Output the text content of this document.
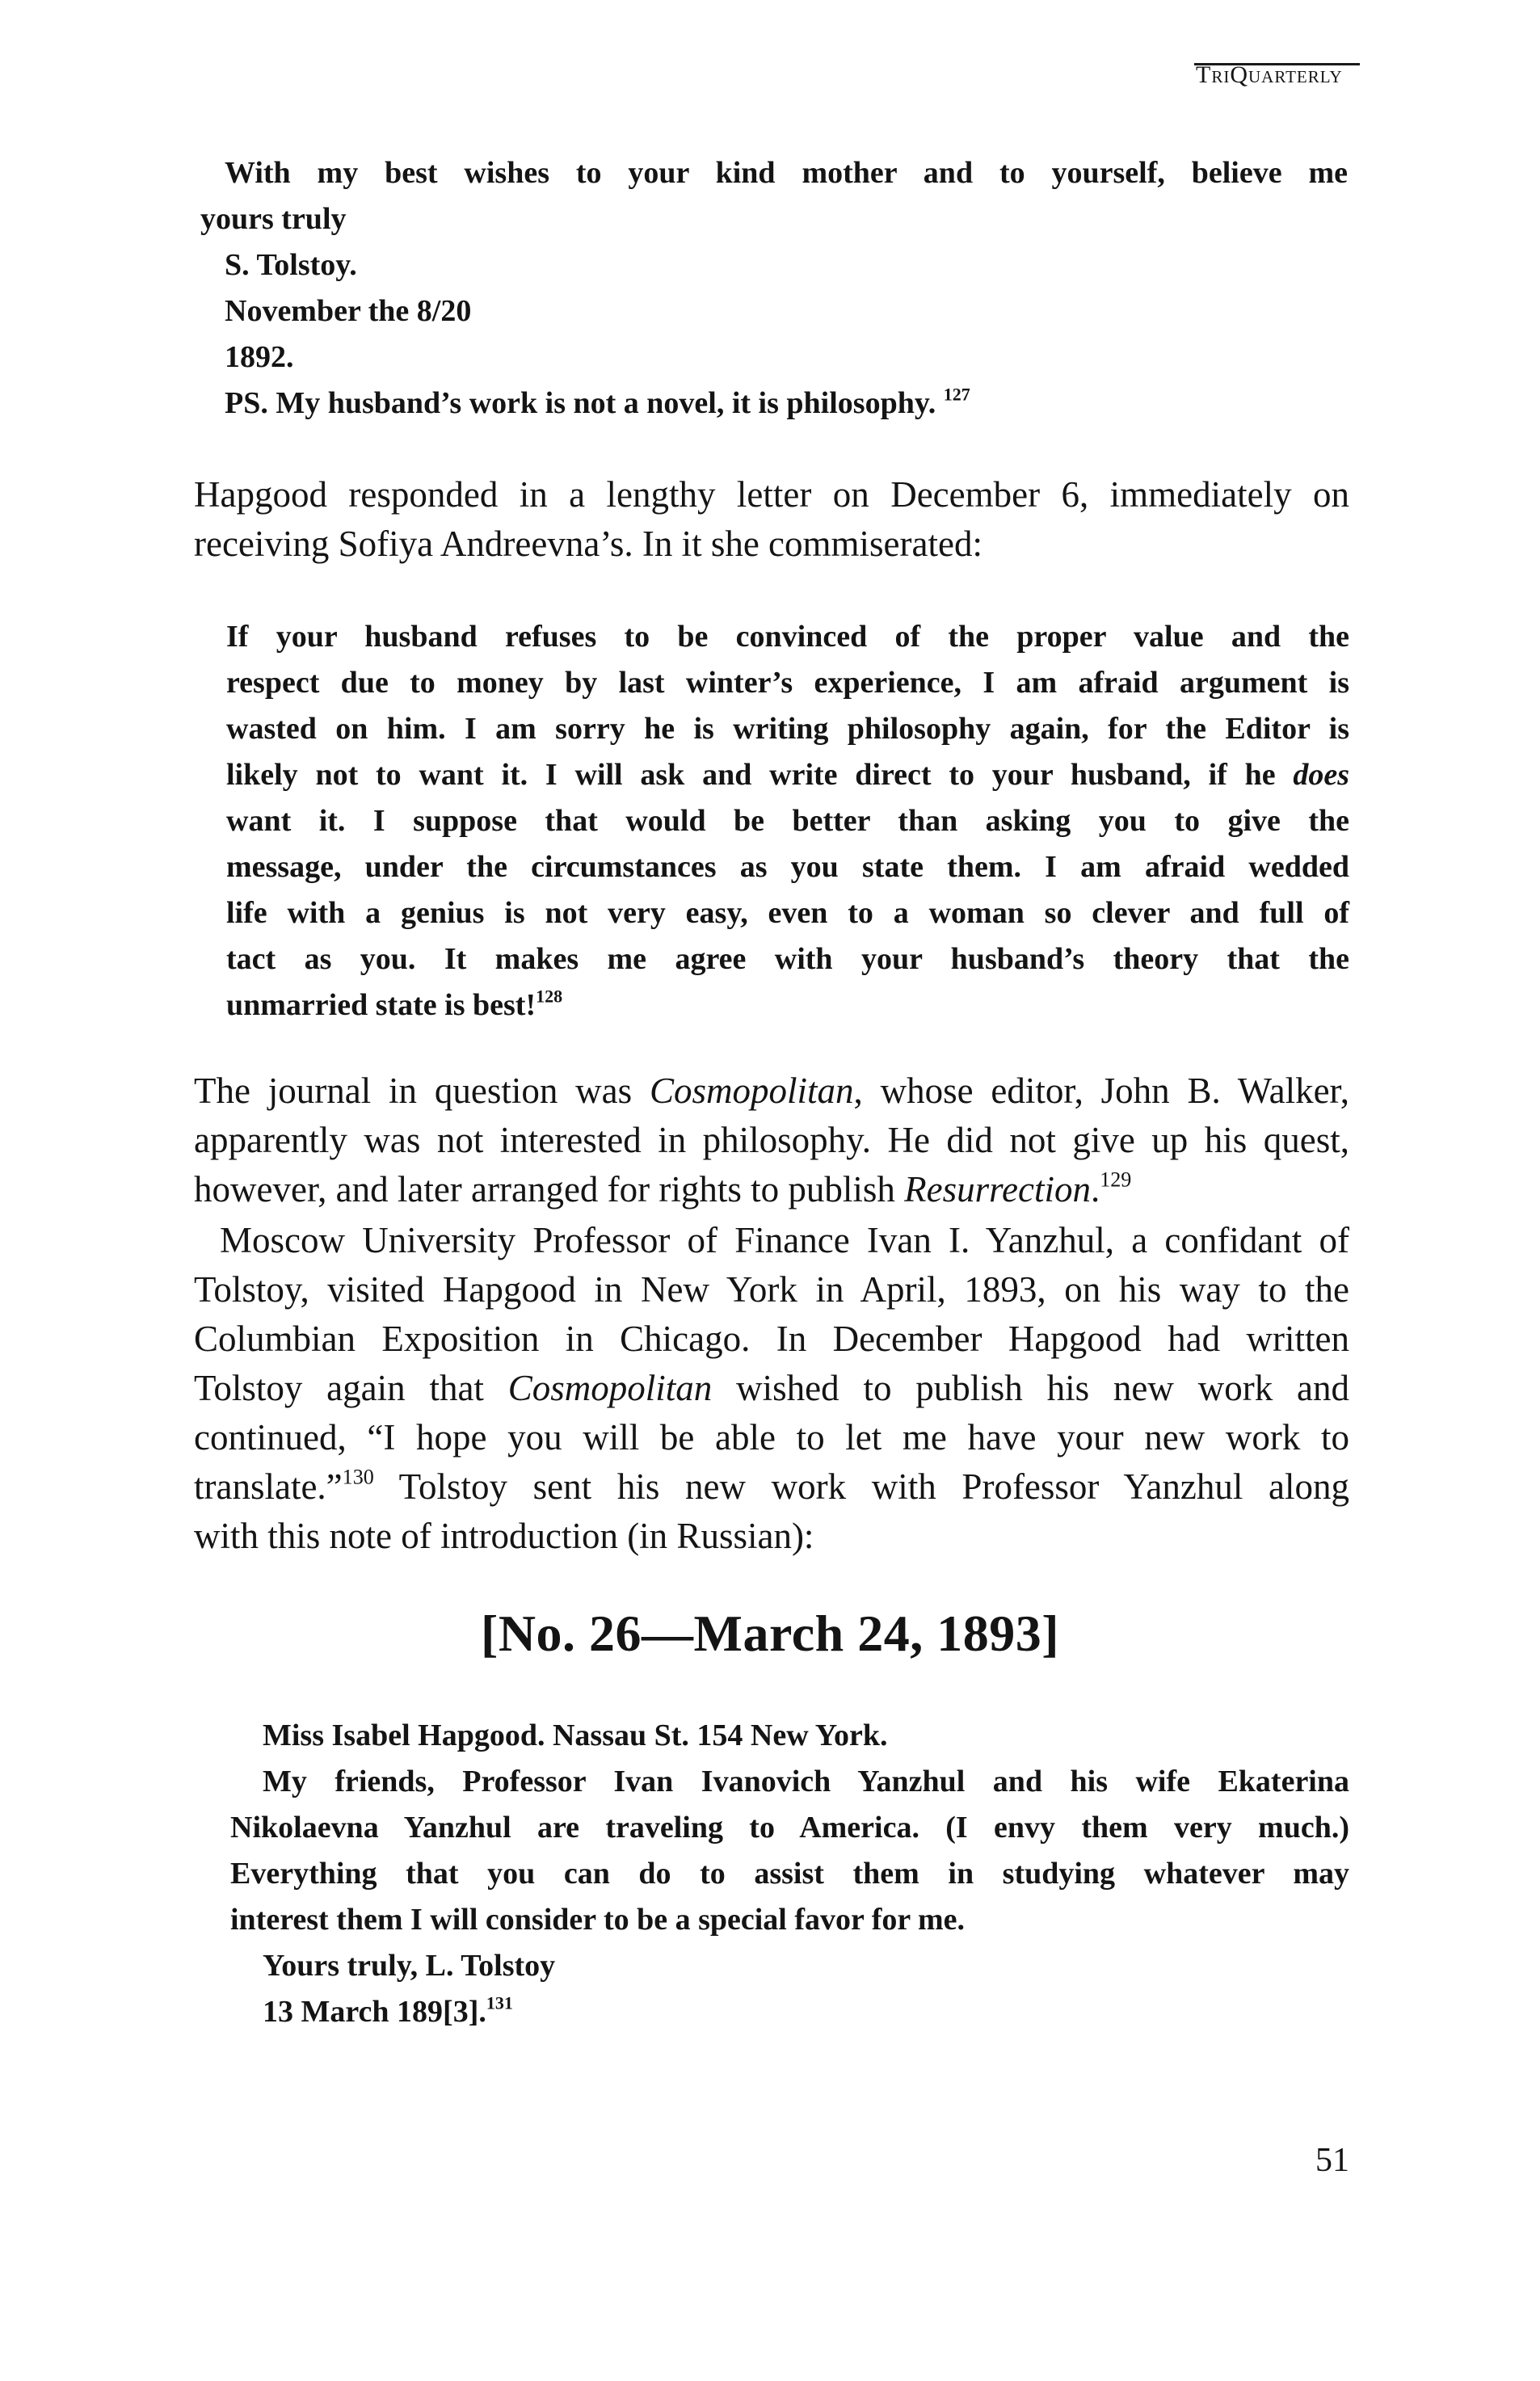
TriQuarterly
With my best wishes to your kind mother and to yourself, believe me
yours truly
S. Tolstoy.
November the 8/20
1892.
PS. My husband’s work is not a novel, it is philosophy. $^{127}$
Hapgood responded in a lengthy letter on December 6, immediately on
receiving Sofiya Andreevna’s. In it she commiserated:
If your husband refuses to be convinced of the proper value and the
respect due to money by last winter’s experience, I am afraid argument is
wasted on him. I am sorry he is writing philosophy again, for the Editor is
likely not to want it. I will ask and write direct to your husband, if he does
want it. I suppose that would be better than asking you to give the
message, under the circumstances as you state them. I am afraid wedded
life with a genius is not very easy, even to a woman so clever and full of
tact as you. It makes me agree with your husband’s theory that the
unmarried state is best!$^{128}$
The journal in question was Cosmopolitan, whose editor, John B. Walker,
apparently was not interested in philosophy. He did not give up his quest,
however, and later arranged for rights to publish Resurrection.$^{129}$
Moscow University Professor of Finance Ivan I. Yanzhul, a confidant of
Tolstoy, visited Hapgood in New York in April, 1893, on his way to the
Columbian Exposition in Chicago. In December Hapgood had written
Tolstoy again that Cosmopolitan wished to publish his new work and
continued, “I hope you will be able to let me have your new work to
translate.”$^{130}$ Tolstoy sent his new work with Professor Yanzhul along
with this note of introduction (in Russian):
[No. 26—March 24, 1893]
Miss Isabel Hapgood. Nassau St. 154 New York.
My friends, Professor Ivan Ivanovich Yanzhul and his wife Ekaterina
Nikolaevna Yanzhul are traveling to America. (I envy them very much.)
Everything that you can do to assist them in studying whatever may
interest them I will consider to be a special favor for me.
Yours truly, L. Tolstoy
13 March 189[3].$^{131}$
51
